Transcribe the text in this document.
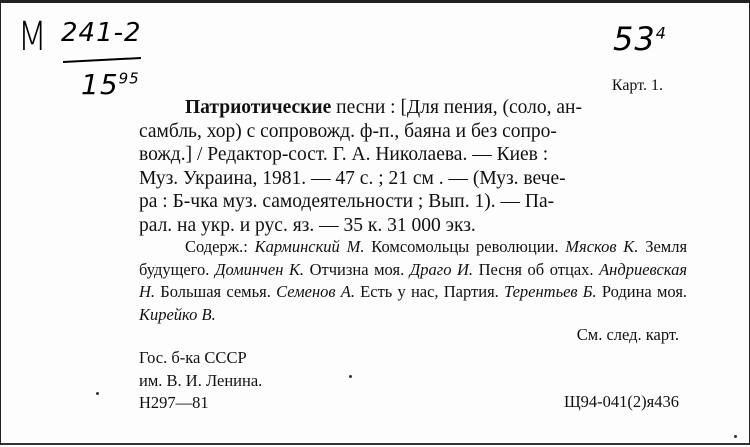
М 241-2
$15^{95}$
$53^4$
Карт. 1.
Патриотические песни : [Для пения, (соло, ан-
самбль, хор) с сопровожд. ф-п., баяна и без сопро-
вожд.] / Редактор-сост. Г. А. Николаева. — Киев :
Муз. Украина, 1981. — 47 с. ; 21 см . — (Муз. вече-
ра : Б-чка муз. самодеятельности ; Вып. 1). — Па-
рал. на укр. и рус. яз. — 35 к. 31 000 экз.
Содерж.: Карминский М. Комсомольцы революции. Мясков К. Земля будущего. Доминчен К. Отчизна моя. Драго И. Песня об отцах. Андриевская Н. Большая семья. Семенов А. Есть у нас, Партия. Терентьев Б. Родина моя. Кирейко В.
См. след. карт.
Гос. б-ка СССР
им. В. И. Ленина.
Н297—81	Щ94-041(2)я436
